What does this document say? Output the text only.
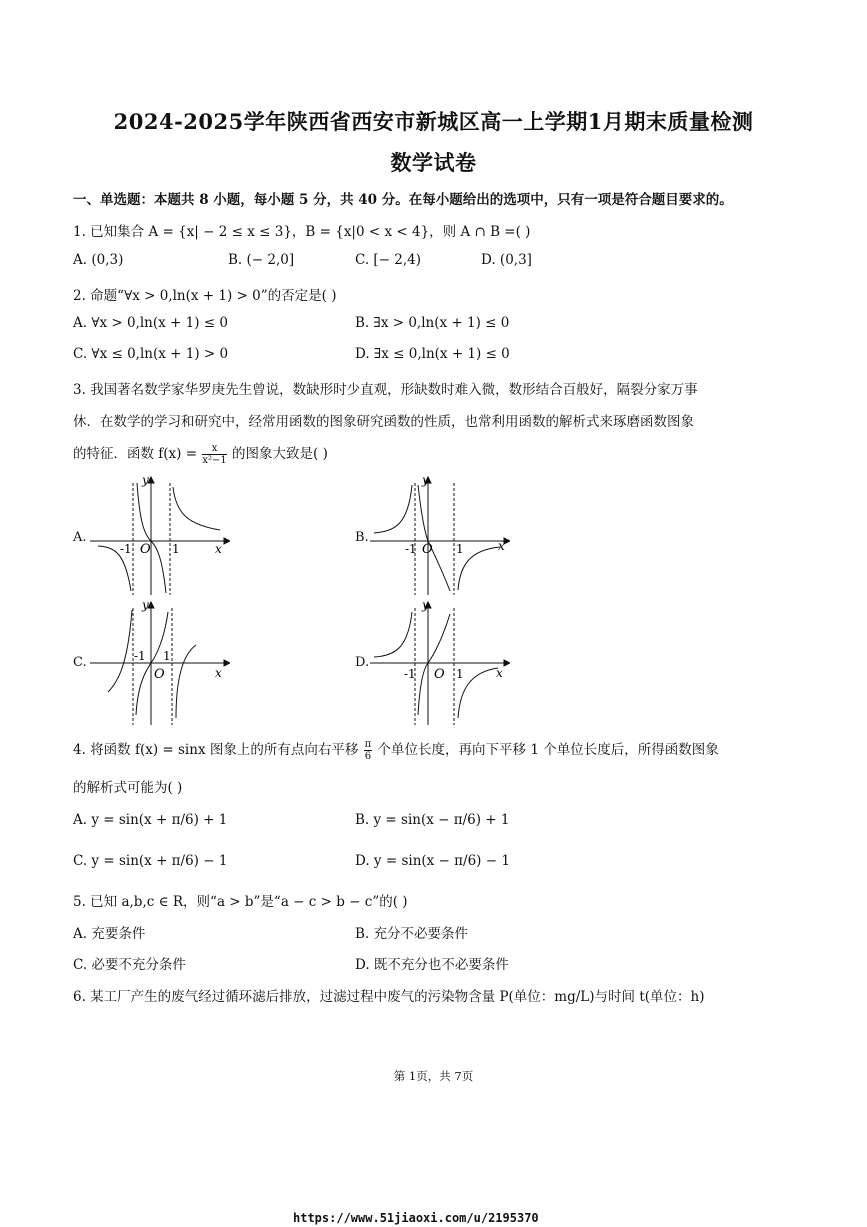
2024-2025学年陕西省西安市新城区高一上学期1月期末质量检测
数学试卷
一、单选题：本题共 8 小题，每小题 5 分，共 40 分。在每小题给出的选项中，只有一项是符合题目要求的。
1. 已知集合 A = {x| − 2 ≤ x ≤ 3}，B = {x|0 < x < 4}，则 A ∩ B =( )
A. (0,3)	B. (− 2,0]	C. [− 2,4)	D. (0,3]
2. 命题“∀x > 0,ln(x + 1) > 0”的否定是( )
A. ∀x > 0,ln(x + 1) ≤ 0	B. ∃x > 0,ln(x + 1) ≤ 0
C. ∀x ≤ 0,ln(x + 1) > 0	D. ∃x ≤ 0,ln(x + 1) ≤ 0
3. 我国著名数学家华罗庚先生曾说，数缺形时少直观，形缺数时难入微，数形结合百般好，隔裂分家万事
休．在数学的学习和研究中，经常用函数的图象研究函数的性质，也常利用函数的解析式来琢磨函数图象
的特征．函数 $f(x) = \frac{x}{\text{x²−1}}$ 的图象大致是( )
A.	B.
C.	D.
-1 O 1	x
y
-1 O 1	x
y
-1
O
1
x
y
-1 O 1	x
y
4. 将函数 f(x) = sinx 图象上的所有点向右平移 $\frac{\pi}{6}$ 个单位长度，再向下平移 1 个单位长度后，所得函数图象
的解析式可能为( )
A. y = sin(x + π/6) + 1	B. y = sin(x − π/6) + 1
C. y = sin(x + π/6) − 1	D. y = sin(x − π/6) − 1
5. 已知 a,b,c ∈ R，则“a > b”是“a − c > b − c”的( )
A. 充要条件	B. 充分不必要条件
C. 必要不充分条件	D. 既不充分也不必要条件
6. 某工厂产生的废气经过循环滤后排放，过滤过程中废气的污染物含量 P(单位：mg/L)与时间 t(单位：h)
第 1页，共 7页
https://www.51jiaoxi.com/u/2195370
